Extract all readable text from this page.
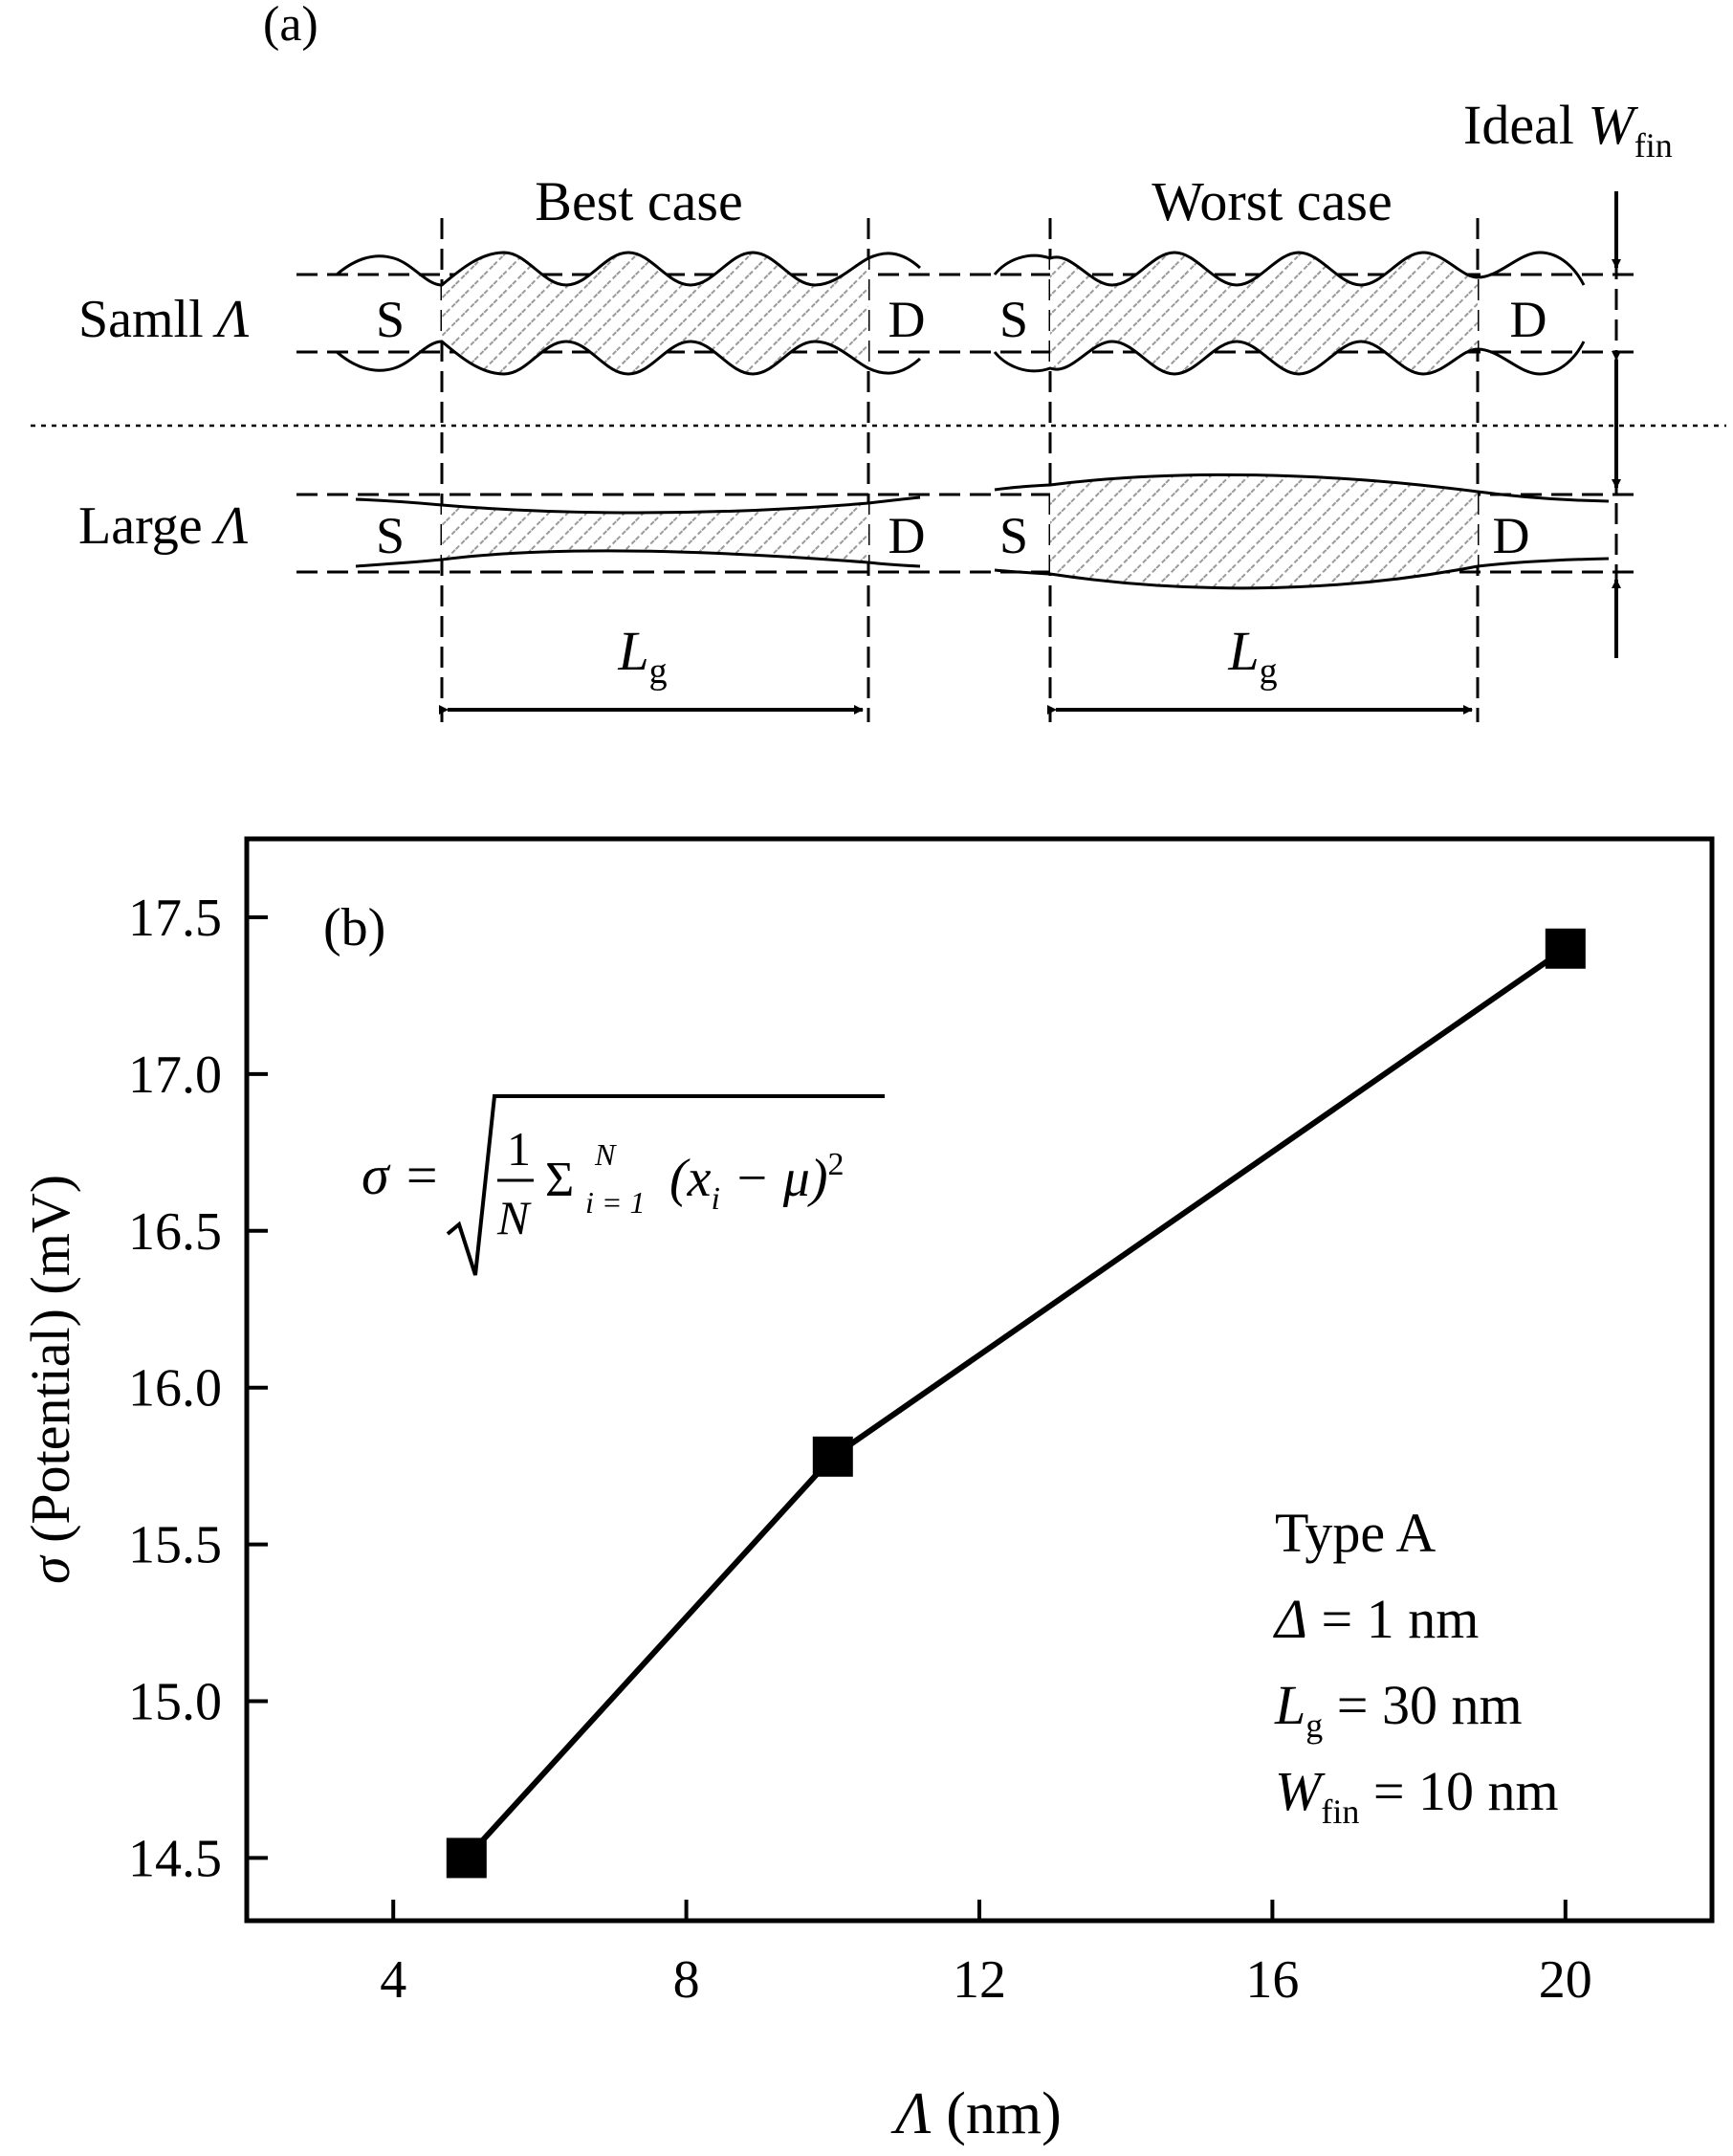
(a)
Best case	Worst case
Ideal $W_{fin}$
Samll Λ
Large Λ
S	D S	D
S	D S	D
$L_g$	$L_g$
(b)
4	8	12	16	20
14.5
15.0
15.5
16.0
16.5
17.0
17.5
Λ (nm)
σ (Potential) (mV)	σ = 1
N
Σ N
i = 1 $(x_i - \mu)^2$
Type A
Δ = 1 nm
$L_g = 30$ nm
$W_{fin} = 10$ nm
